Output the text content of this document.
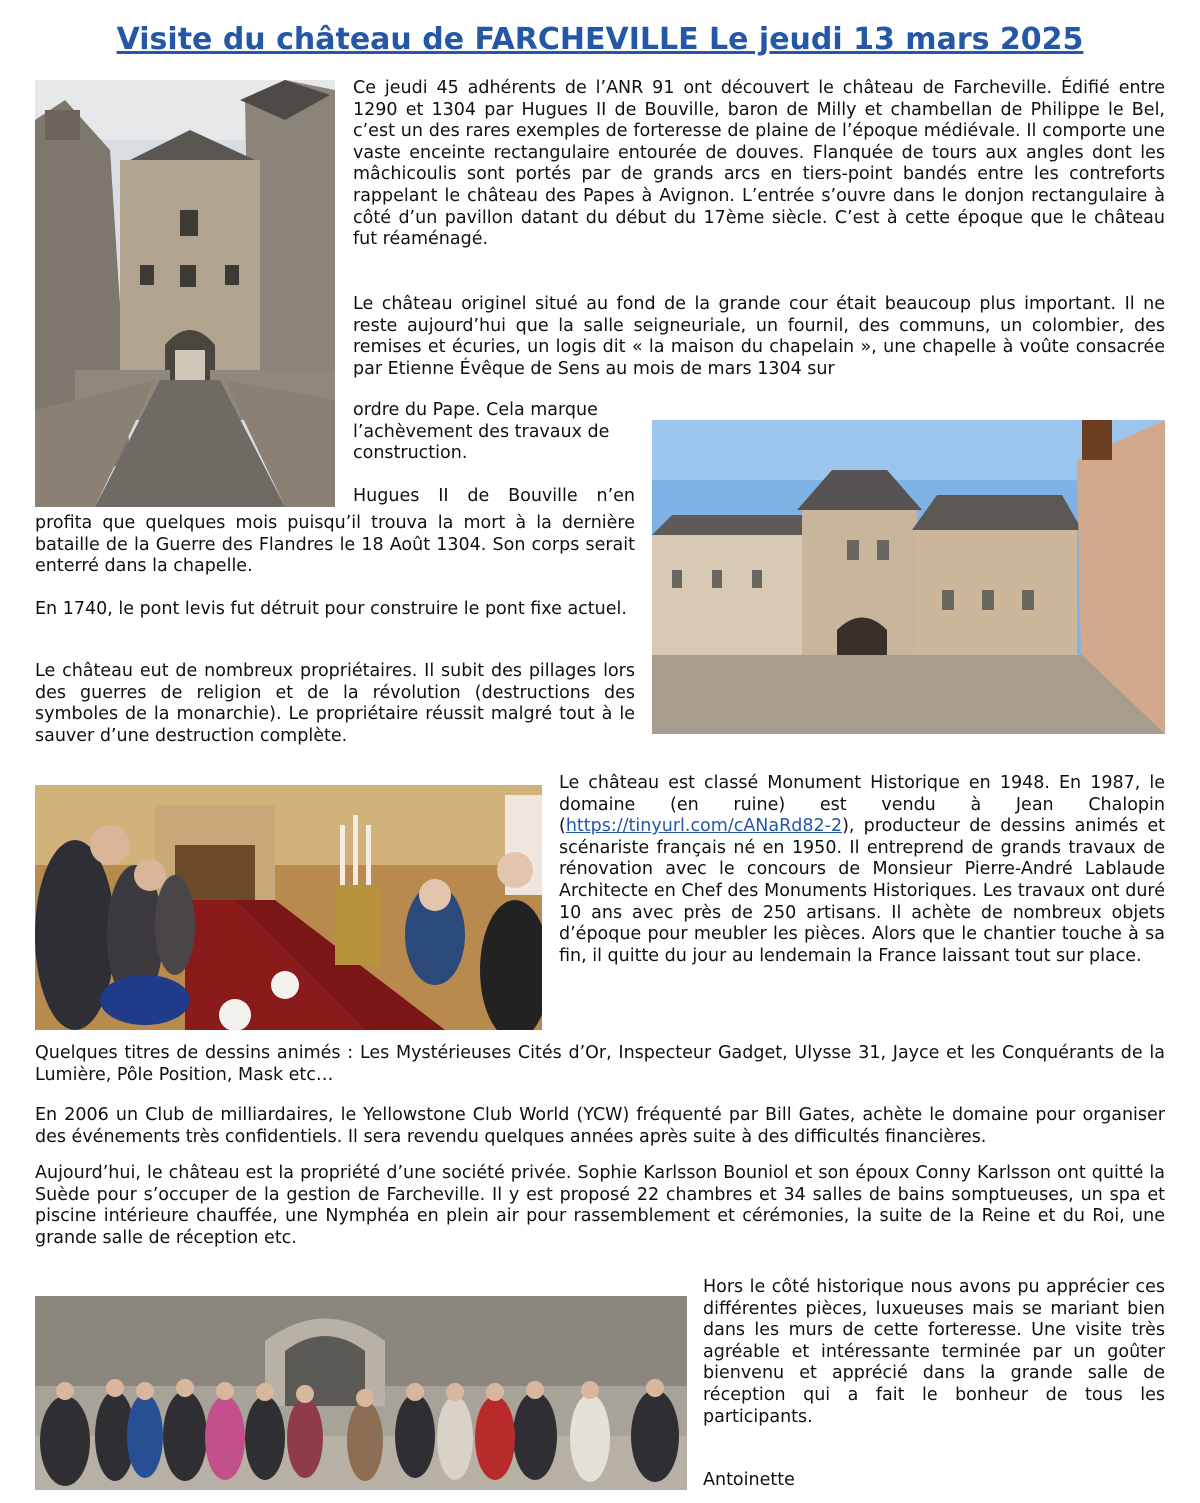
Visite du château de FARCHEVILLE Le jeudi 13 mars 2025

Ce jeudi 45 adhérents de l’ANR 91 ont découvert le château de Farcheville. Édifié entre 1290 et 1304 par Hugues II de Bouville, baron de Milly et chambellan de Philippe le Bel, c’est un des rares exemples de forteresse de plaine de l’époque médiévale. Il comporte une vaste enceinte rectangulaire entourée de douves. Flanquée de tours aux angles dont les mâchicoulis sont portés par de grands arcs en tiers-point bandés entre les contreforts rappelant le château des Papes à Avignon. L’entrée s’ouvre dans le donjon rectangulaire à côté d’un pavillon datant du début du 17ème siècle. C’est à cette époque que le château fut réaménagé.

Le château originel situé au fond de la grande cour était beaucoup plus important. Il ne reste aujourd’hui que la salle seigneuriale, un fournil, des communs, un colombier, des remises et écuries, un logis dit « la maison du chapelain », une chapelle à voûte consacrée par Etienne Évêque de Sens au mois de mars 1304 sur

ordre du Pape. Cela marque l’achèvement des travaux de construction.

Hugues II de Bouville n’en

profita que quelques mois puisqu’il trouva la mort à la dernière bataille de la Guerre des Flandres le 18 Août 1304. Son corps serait enterré dans la chapelle.

En 1740, le pont levis fut détruit pour construire le pont fixe actuel.

Le château eut de nombreux propriétaires. Il subit des pillages lors des guerres de religion et de la révolution (destructions des symboles de la monarchie). Le propriétaire réussit malgré tout à le sauver d’une destruction complète.

Le château est classé Monument Historique en 1948. En 1987, le domaine (en ruine) est vendu à Jean Chalopin (https://tinyurl.com/cANaRd82-2), producteur de dessins animés et scénariste français né en 1950. Il entreprend de grands travaux de rénovation avec le concours de Monsieur Pierre-André Lablaude Architecte en Chef des Monuments Historiques. Les travaux ont duré 10 ans avec près de 250 artisans. Il achète de nombreux objets d’époque pour meubler les pièces. Alors que le chantier touche à sa fin, il quitte du jour au lendemain la France laissant tout sur place.

Quelques titres de dessins animés : Les Mystérieuses Cités d’Or, Inspecteur Gadget, Ulysse 31, Jayce et les Conquérants de la Lumière, Pôle Position, Mask etc…

En 2006 un Club de milliardaires, le Yellowstone Club World (YCW) fréquenté par Bill Gates, achète le domaine pour organiser des événements très confidentiels. Il sera revendu quelques années après suite à des difficultés financières.

Aujourd’hui, le château est la propriété d’une société privée. Sophie Karlsson Bouniol et son époux Conny Karlsson ont quitté la Suède pour s’occuper de la gestion de Farcheville. Il y est proposé 22 chambres et 34 salles de bains somptueuses, un spa et piscine intérieure chauffée, une Nymphéa en plein air pour rassemblement et cérémonies, la suite de la Reine et du Roi, une grande salle de réception etc.

Hors le côté historique nous avons pu apprécier ces différentes pièces, luxueuses mais se mariant bien dans les murs de cette forteresse. Une visite très agréable et intéressante terminée par un goûter bienvenu et apprécié dans la grande salle de réception qui a fait le bonheur de tous les participants.

Antoinette
